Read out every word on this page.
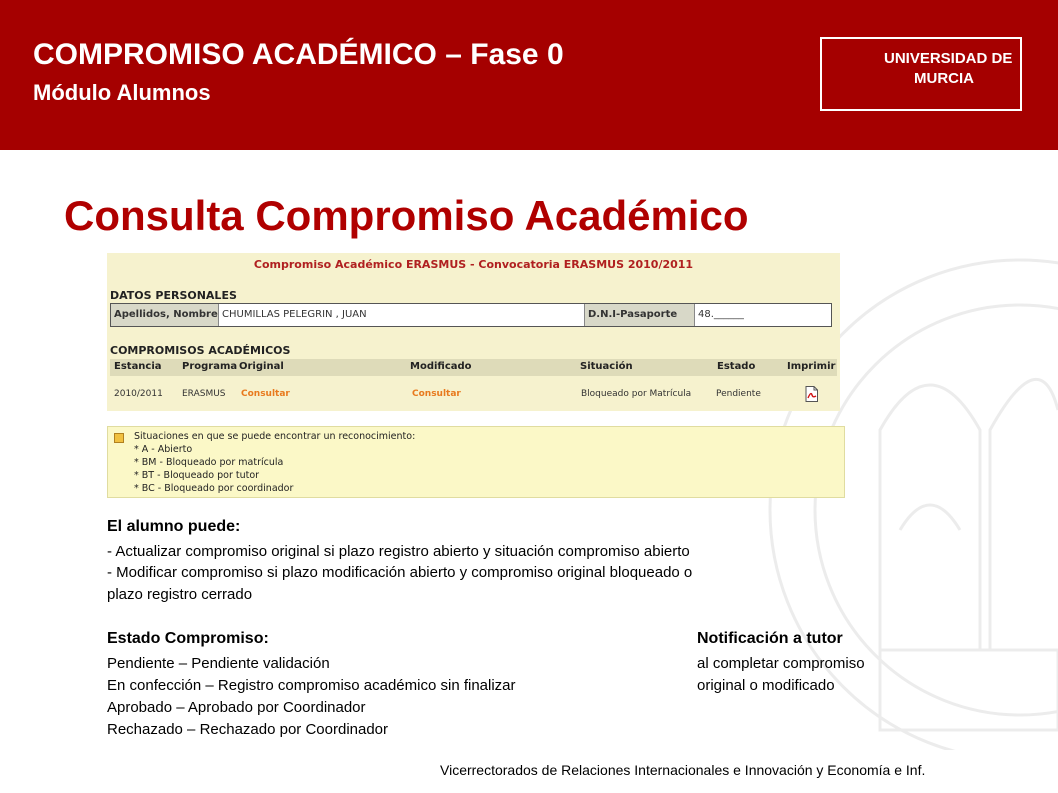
COMPROMISO ACADÉMICO – Fase 0
Módulo Alumnos
UNIVERSIDAD DE
MURCIA
Consulta Compromiso Académico
Compromiso Académico ERASMUS - Convocatoria ERASMUS 2010/2011
DATOS PERSONALES
Apellidos, Nombre CHUMILLAS PELEGRIN , JUAN	D.N.I-Pasaporte	48.______
COMPROMISOS ACADÉMICOS
Estancia Programa Original	Modificado	Situación	Estado	Imprimir
2010/2011 ERASMUS Consultar	Consultar	Bloqueado por Matrícula	Pendiente
Situaciones en que se puede encontrar un reconocimiento:
* A - Abierto
* BM - Bloqueado por matrícula
* BT - Bloqueado por tutor
* BC - Bloqueado por coordinador
El alumno puede:
- Actualizar compromiso original si plazo registro abierto y situación compromiso abierto
- Modificar compromiso si plazo modificación abierto y compromiso original bloqueado o
plazo registro cerrado
Estado Compromiso:
Pendiente – Pendiente validación
En confección – Registro compromiso académico sin finalizar
Aprobado – Aprobado por Coordinador
Rechazado – Rechazado por Coordinador
Notificación a tutor
al completar compromiso
original o modificado
Vicerrectorados de Relaciones Internacionales e Innovación y Economía e Inf.
